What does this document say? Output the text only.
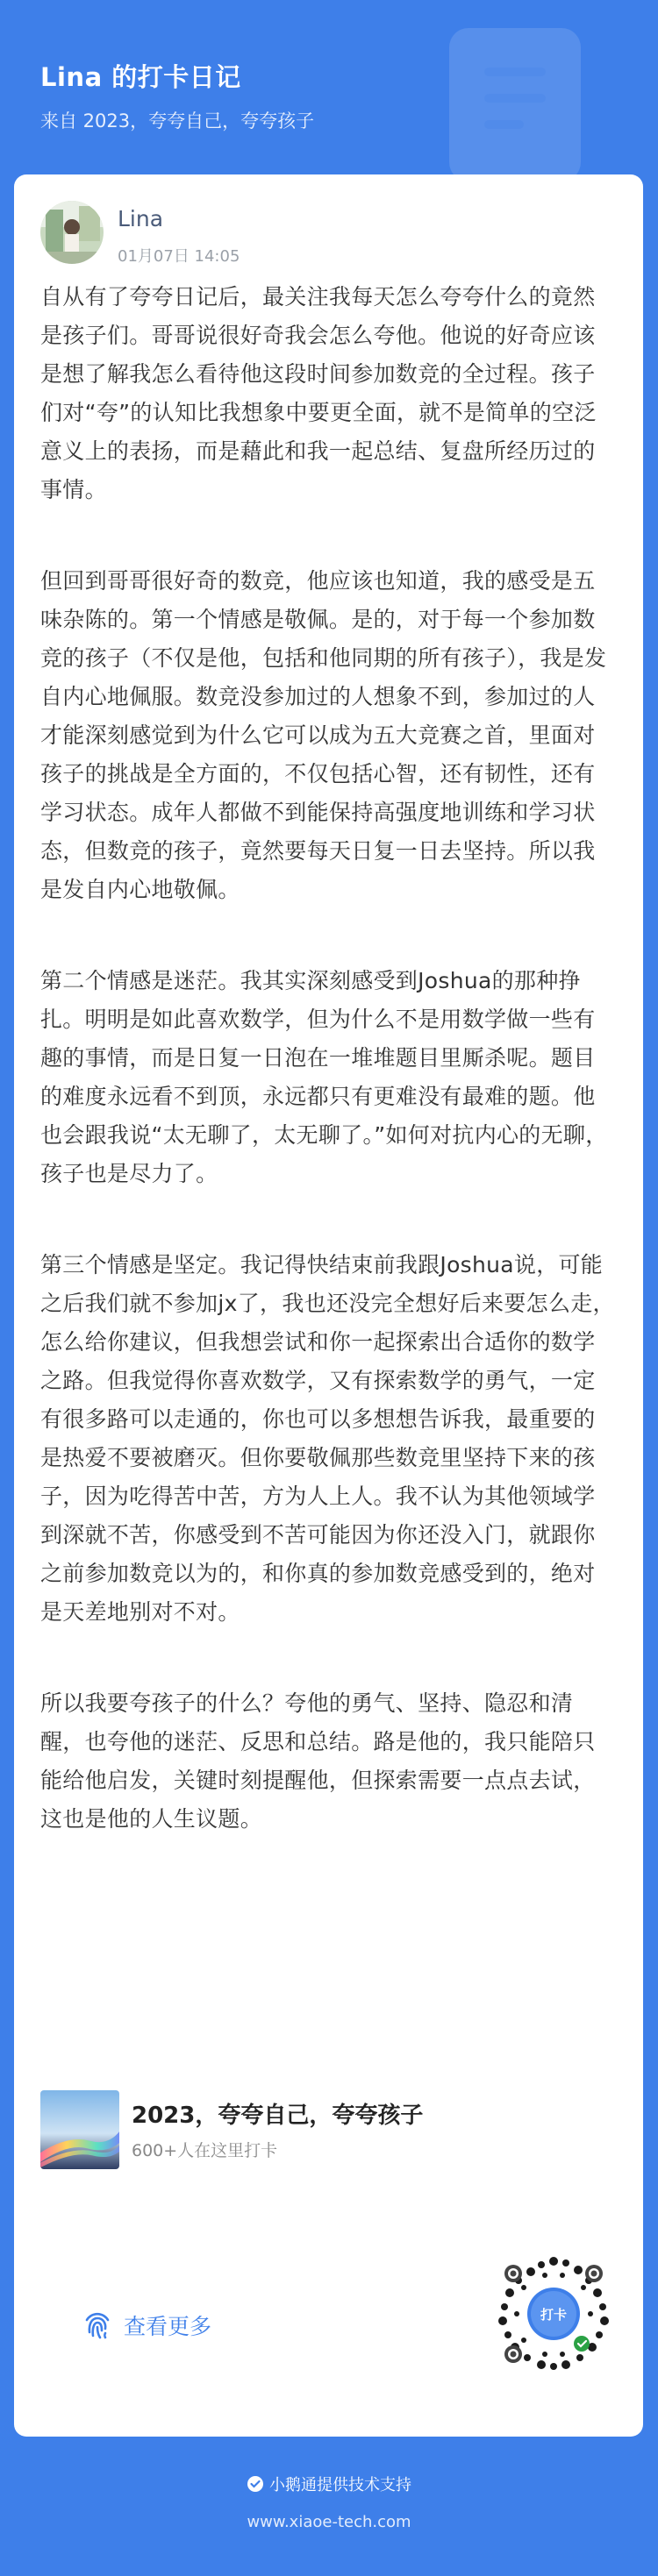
Lina 的打卡日记
来自 2023，夸夸自己，夸夸孩子
Lina
01月07日 14:05

自从有了夸夸日记后，最关注我每天怎么夸夸什么的竟然是孩子们。哥哥说很好奇我会怎么夸他。他说的好奇应该是想了解我怎么看待他这段时间参加数竞的全过程。孩子们对“夸”的认知比我想象中要更全面，就不是简单的空泛意义上的表扬，而是藉此和我一起总结、复盘所经历过的事情。

但回到哥哥很好奇的数竞，他应该也知道，我的感受是五味杂陈的。第一个情感是敬佩。是的，对于每一个参加数竞的孩子（不仅是他，包括和他同期的所有孩子），我是发自内心地佩服。数竞没参加过的人想象不到，参加过的人才能深刻感觉到为什么它可以成为五大竞赛之首，里面对孩子的挑战是全方面的，不仅包括心智，还有韧性，还有学习状态。成年人都做不到能保持高强度地训练和学习状态，但数竞的孩子，竟然要每天日复一日去坚持。所以我是发自内心地敬佩。

第二个情感是迷茫。我其实深刻感受到Joshua的那种挣扎。明明是如此喜欢数学，但为什么不是用数学做一些有趣的事情，而是日复一日泡在一堆堆题目里厮杀呢。题目的难度永远看不到顶，永远都只有更难没有最难的题。他也会跟我说“太无聊了，太无聊了。”如何对抗内心的无聊，孩子也是尽力了。

第三个情感是坚定。我记得快结束前我跟Joshua说，可能之后我们就不参加jx了，我也还没完全想好后来要怎么走，怎么给你建议，但我想尝试和你一起探索出合适你的数学之路。但我觉得你喜欢数学，又有探索数学的勇气，一定有很多路可以走通的，你也可以多想想告诉我，最重要的是热爱不要被磨灭。但你要敬佩那些数竞里坚持下来的孩子，因为吃得苦中苦，方为人上人。我不认为其他领域学到深就不苦，你感受到不苦可能因为你还没入门，就跟你之前参加数竞以为的，和你真的参加数竞感受到的，绝对是天差地别对不对。

所以我要夸孩子的什么？夸他的勇气、坚持、隐忍和清醒，也夸他的迷茫、反思和总结。路是他的，我只能陪只能给他启发，关键时刻提醒他，但探索需要一点点去试，这也是他的人生议题。

2023，夸夸自己，夸夸孩子
600+人在这里打卡
查看更多	打卡
小鹅通提供技术支持
www.xiaoe-tech.com
